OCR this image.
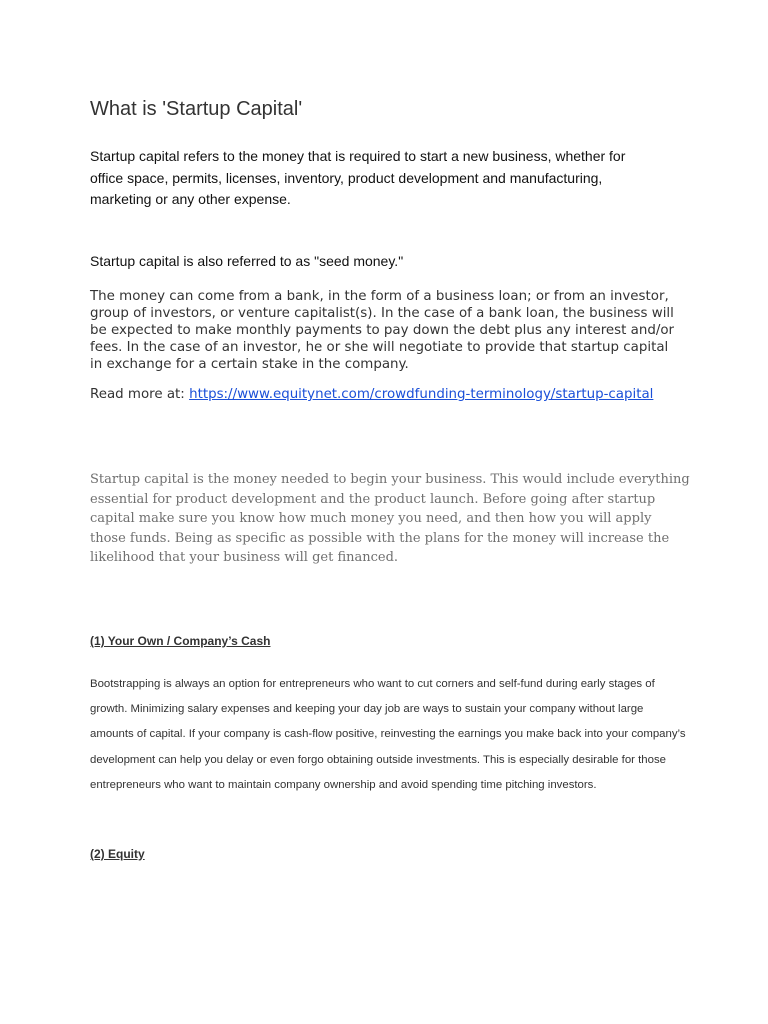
What is 'Startup Capital'

Startup capital refers to the money that is required to start a new business, whether for office space, permits, licenses, inventory, product development and manufacturing, marketing or any other expense.

Startup capital is also referred to as "seed money."

The money can come from a bank, in the form of a business loan; or from an investor, group of investors, or venture capitalist(s). In the case of a bank loan, the business will be expected to make monthly payments to pay down the debt plus any interest and/or fees. In the case of an investor, he or she will negotiate to provide that startup capital in exchange for a certain stake in the company.

Read more at: https://www.equitynet.com/crowdfunding-terminology/startup-capital

Startup capital is the money needed to begin your business. This would include everything essential for product development and the product launch. Before going after startup capital make sure you know how much money you need, and then how you will apply those funds. Being as specific as possible with the plans for the money will increase the likelihood that your business will get financed.

(1) Your Own / Company’s Cash

Bootstrapping is always an option for entrepreneurs who want to cut corners and self-fund during early stages of growth. Minimizing salary expenses and keeping your day job are ways to sustain your company without large amounts of capital. If your company is cash-flow positive, reinvesting the earnings you make back into your company’s development can help you delay or even forgo obtaining outside investments. This is especially desirable for those entrepreneurs who want to maintain company ownership and avoid spending time pitching investors.

(2) Equity
